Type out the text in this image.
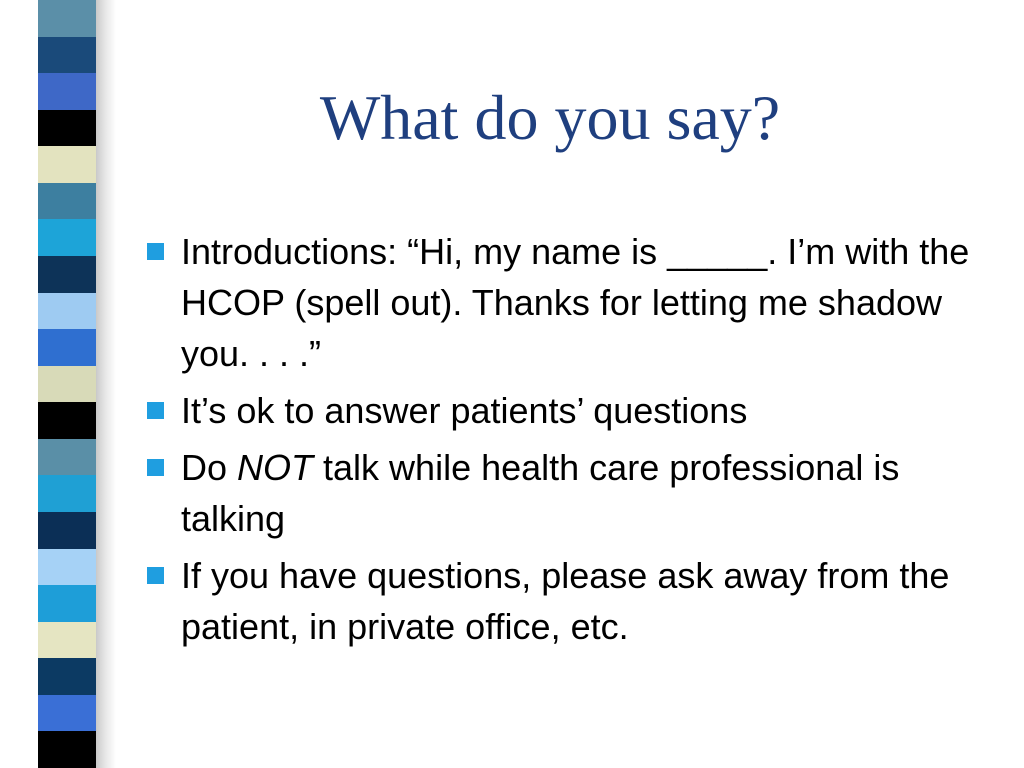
What do you say?
Introductions: “Hi, my name is _____. I’m with the HCOP (spell out). Thanks for letting me shadow you. . . .”
It’s ok to answer patients’ questions
Do NOT talk while health care professional is talking
If you have questions, please ask away from the patient, in private office, etc.
